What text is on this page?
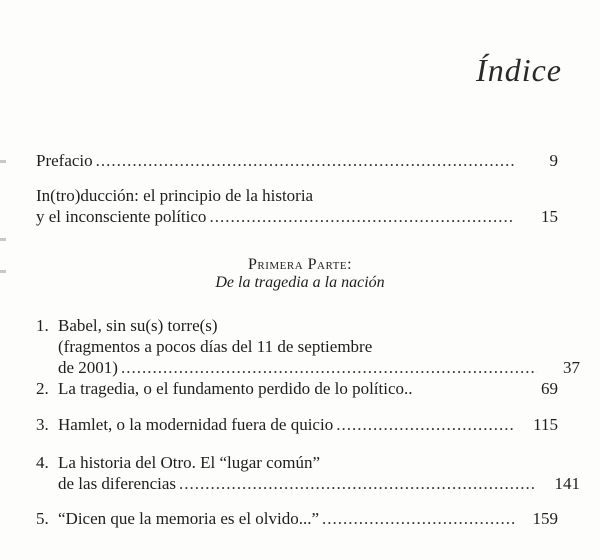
Índice
Prefacio .....	9
In(tro)ducción: el principio de la historia
y el inconsciente político .....	15
Primera Parte:
De la tragedia a la nación
1. Babel, sin su(s) torre(s)
(fragmentos a pocos días del 11 de septiembre
de 2001) .....	37
2. La tragedia, o el fundamento perdido de lo político..	69
3. Hamlet, o la modernidad fuera de quicio .....	115
4. La historia del Otro. El “lugar común”
de las diferencias .....	141
5. “Dicen que la memoria es el olvido...” .....	159
